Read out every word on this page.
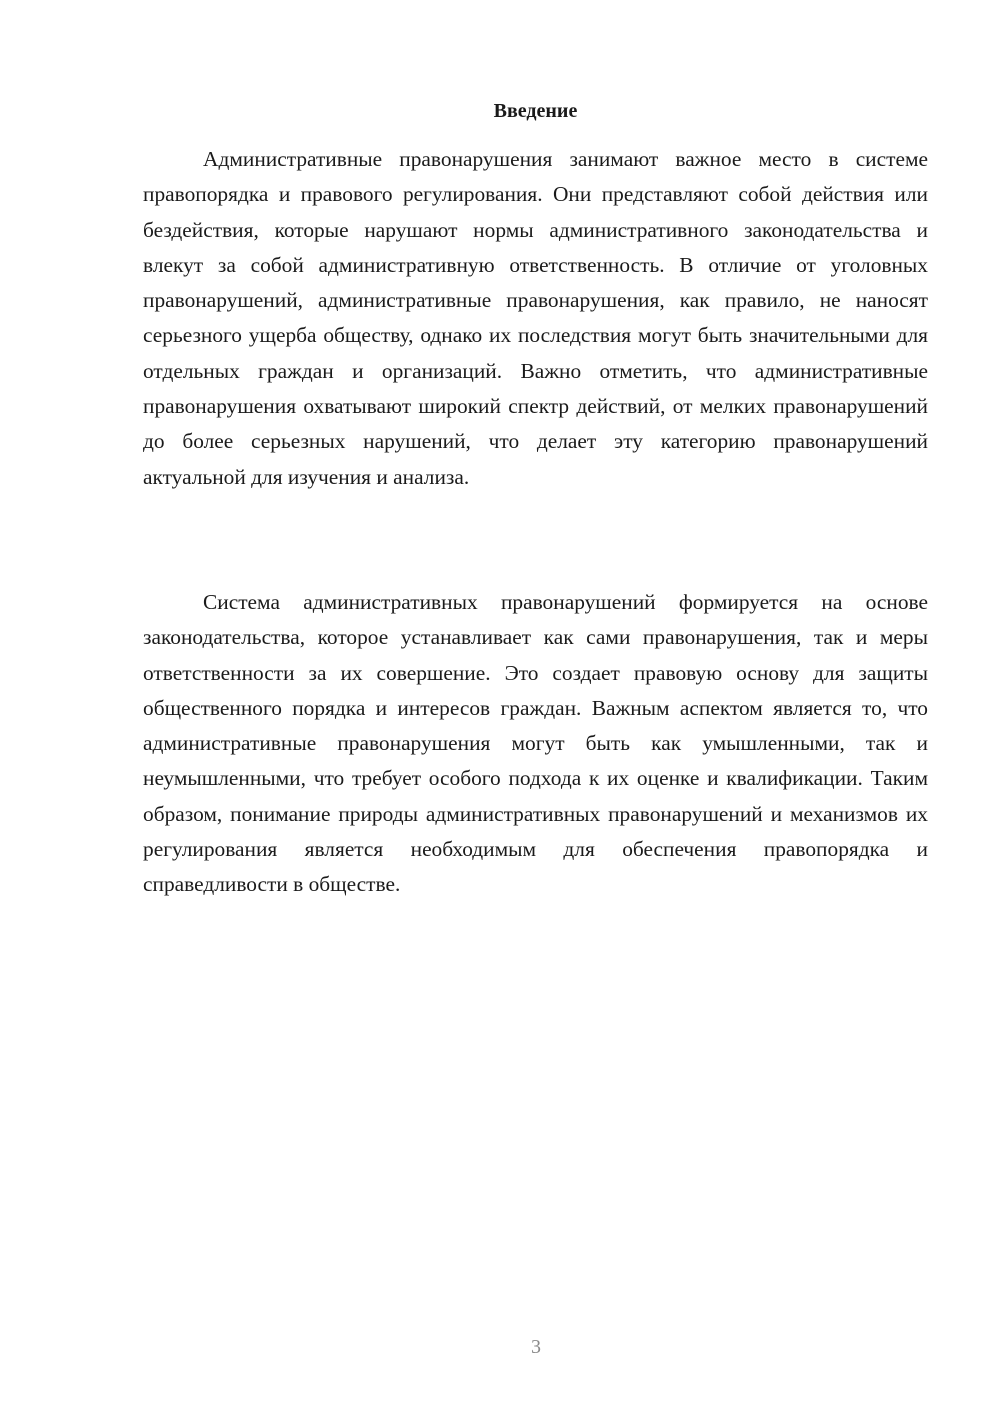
Введение

Административные правонарушения занимают важное место в системе правопорядка и правового регулирования. Они представляют собой действия или бездействия, которые нарушают нормы административного законодательства и влекут за собой административную ответственность. В отличие от уголовных правонарушений, административные правонарушения, как правило, не наносят серьезного ущерба обществу, однако их последствия могут быть значительными для отдельных граждан и организаций. Важно отметить, что административные правонарушения охватывают широкий спектр действий, от мелких правонарушений до более серьезных нарушений, что делает эту категорию правонарушений актуальной для изучения и анализа.

Система административных правонарушений формируется на основе законодательства, которое устанавливает как сами правонарушения, так и меры ответственности за их совершение. Это создает правовую основу для защиты общественного порядка и интересов граждан. Важным аспектом является то, что административные правонарушения могут быть как умышленными, так и неумышленными, что требует особого подхода к их оценке и квалификации. Таким образом, понимание природы административных правонарушений и механизмов их регулирования является необходимым для обеспечения правопорядка и справедливости в обществе.

3
